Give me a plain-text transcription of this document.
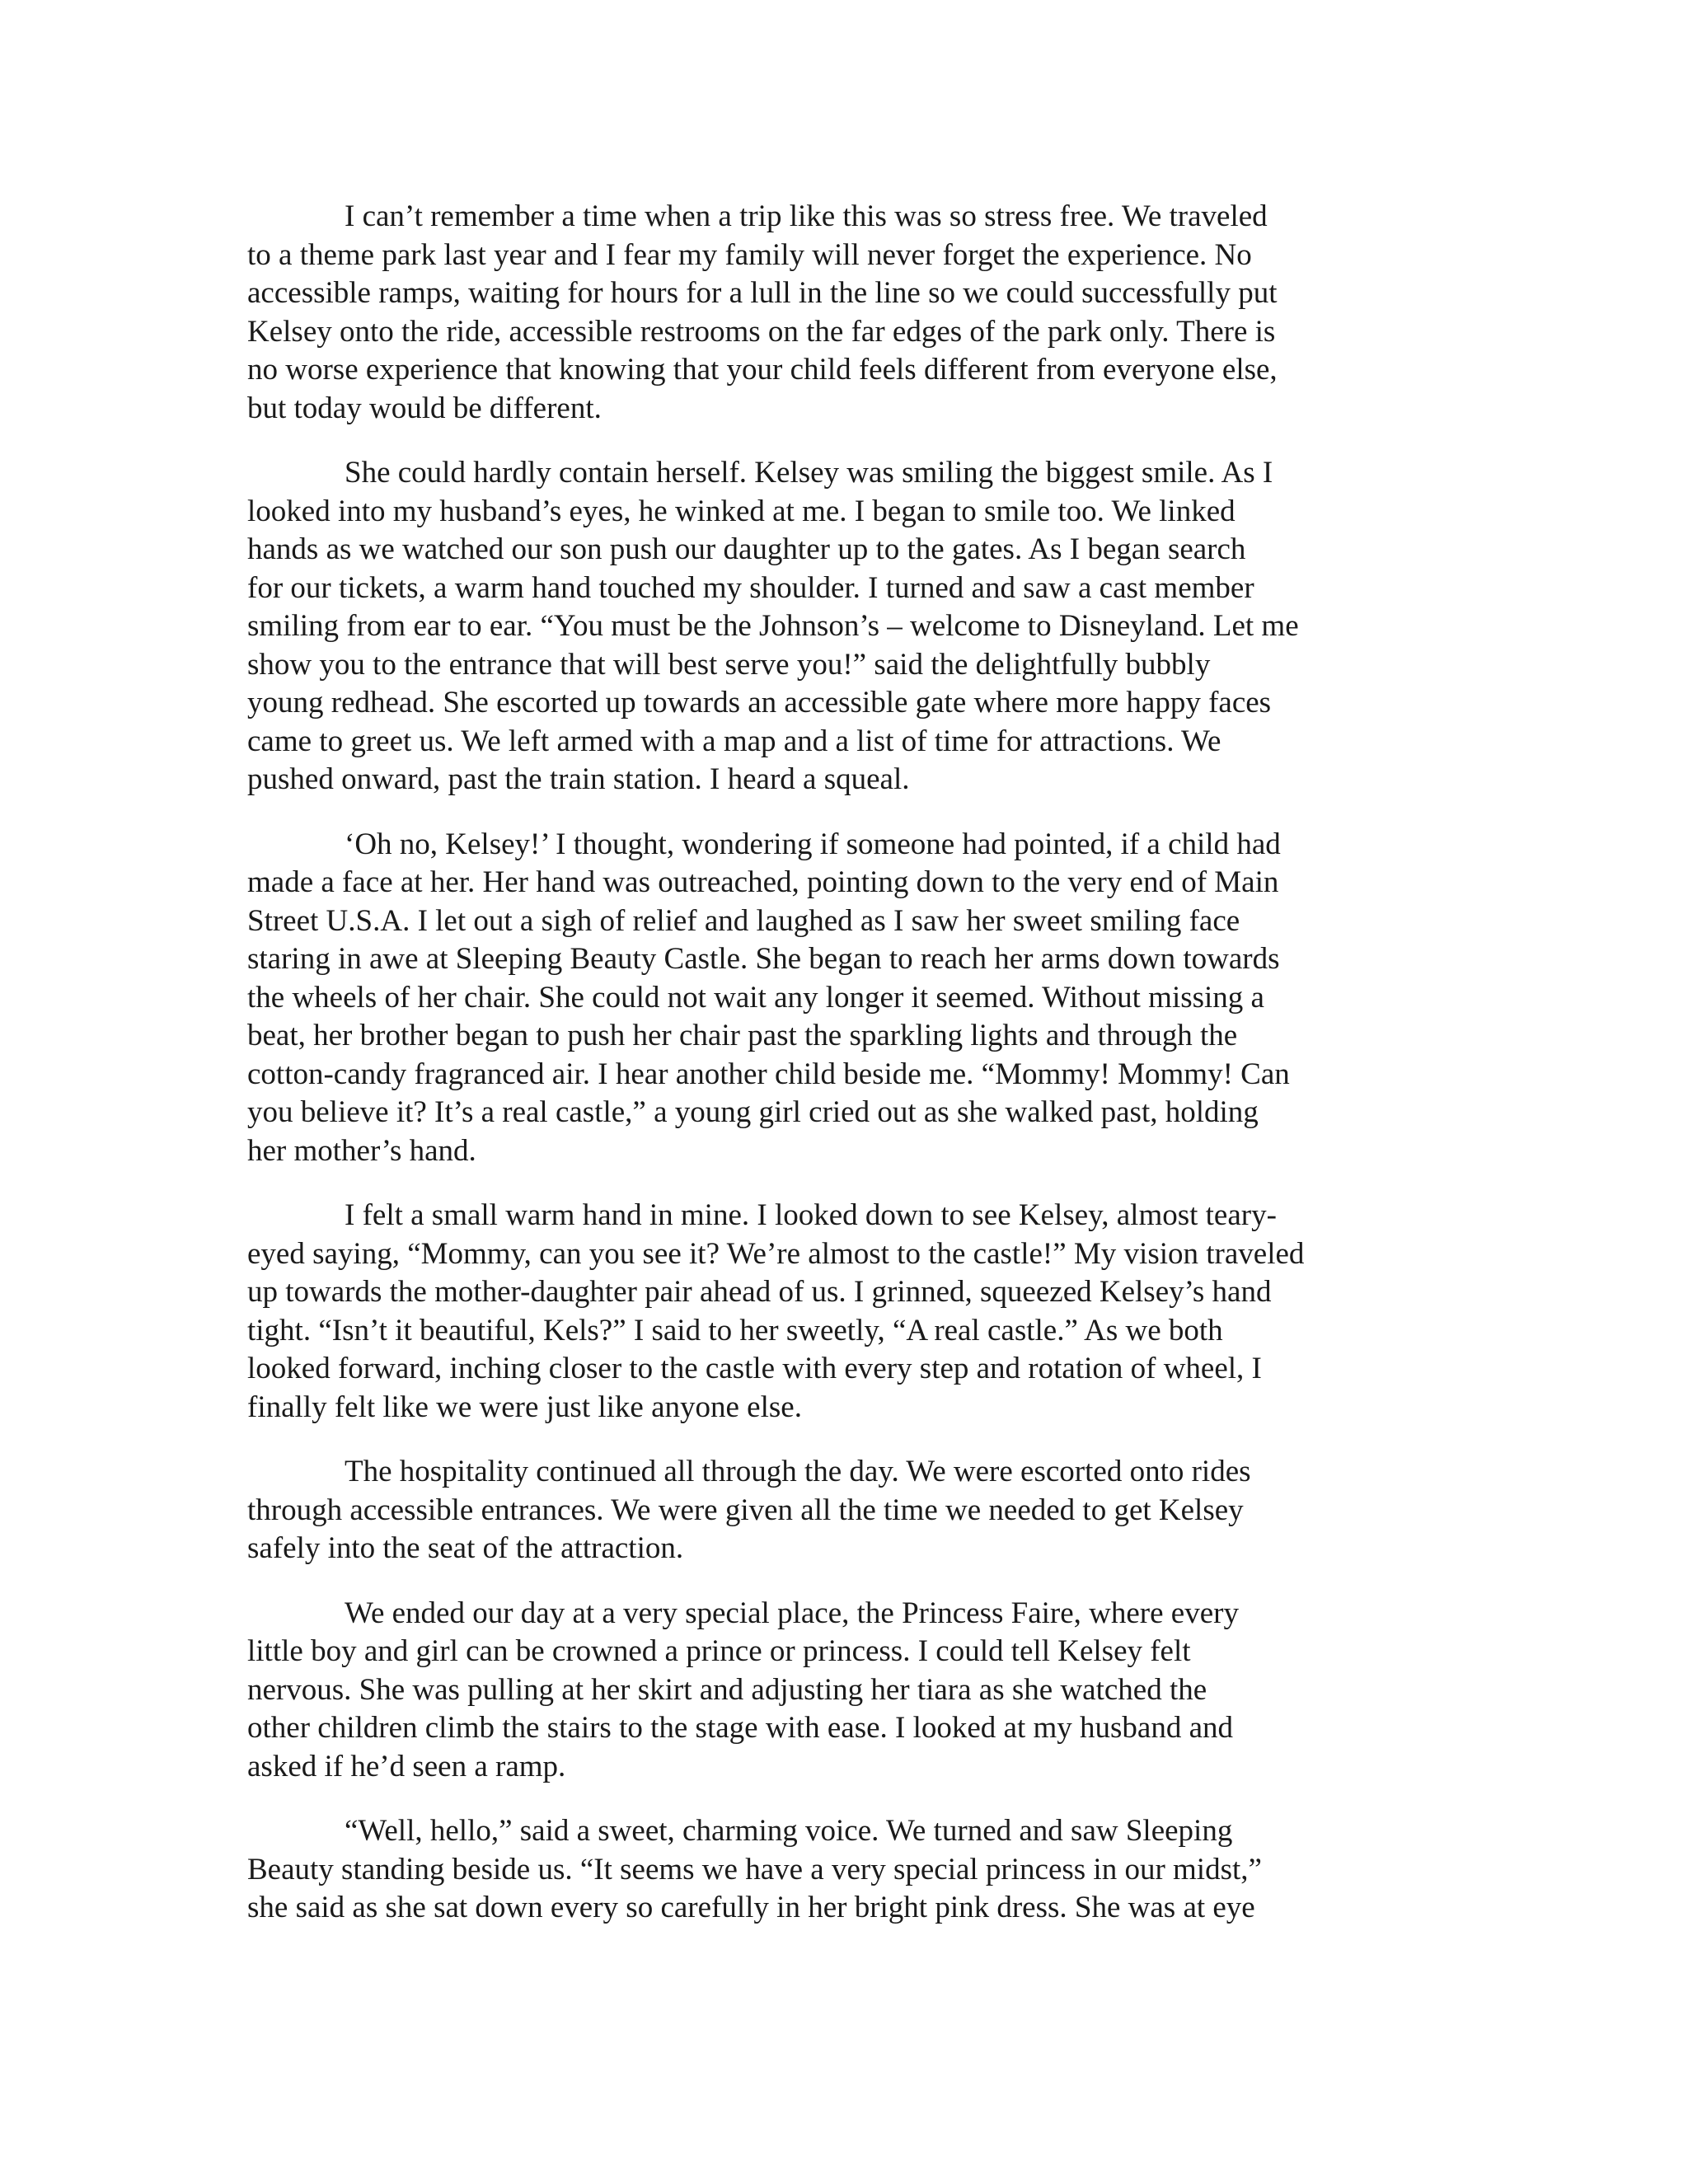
I can’t remember a time when a trip like this was so stress free. We traveled
to a theme park last year and I fear my family will never forget the experience. No
accessible ramps, waiting for hours for a lull in the line so we could successfully put
Kelsey onto the ride, accessible restrooms on the far edges of the park only. There is
no worse experience that knowing that your child feels different from everyone else,
but today would be different.

She could hardly contain herself. Kelsey was smiling the biggest smile. As I
looked into my husband’s eyes, he winked at me. I began to smile too. We linked
hands as we watched our son push our daughter up to the gates. As I began search
for our tickets, a warm hand touched my shoulder. I turned and saw a cast member
smiling from ear to ear. “You must be the Johnson’s – welcome to Disneyland. Let me
show you to the entrance that will best serve you!” said the delightfully bubbly
young redhead. She escorted up towards an accessible gate where more happy faces
came to greet us. We left armed with a map and a list of time for attractions. We
pushed onward, past the train station. I heard a squeal.

‘Oh no, Kelsey!’ I thought, wondering if someone had pointed, if a child had
made a face at her. Her hand was outreached, pointing down to the very end of Main
Street U.S.A. I let out a sigh of relief and laughed as I saw her sweet smiling face
staring in awe at Sleeping Beauty Castle. She began to reach her arms down towards
the wheels of her chair. She could not wait any longer it seemed. Without missing a
beat, her brother began to push her chair past the sparkling lights and through the
cotton-candy fragranced air. I hear another child beside me. “Mommy! Mommy! Can
you believe it? It’s a real castle,” a young girl cried out as she walked past, holding
her mother’s hand.

I felt a small warm hand in mine. I looked down to see Kelsey, almost teary-
eyed saying, “Mommy, can you see it? We’re almost to the castle!” My vision traveled
up towards the mother-daughter pair ahead of us. I grinned, squeezed Kelsey’s hand
tight. “Isn’t it beautiful, Kels?” I said to her sweetly, “A real castle.” As we both
looked forward, inching closer to the castle with every step and rotation of wheel, I
finally felt like we were just like anyone else.

The hospitality continued all through the day. We were escorted onto rides
through accessible entrances. We were given all the time we needed to get Kelsey
safely into the seat of the attraction.

We ended our day at a very special place, the Princess Faire, where every
little boy and girl can be crowned a prince or princess. I could tell Kelsey felt
nervous. She was pulling at her skirt and adjusting her tiara as she watched the
other children climb the stairs to the stage with ease. I looked at my husband and
asked if he’d seen a ramp.

“Well, hello,” said a sweet, charming voice. We turned and saw Sleeping
Beauty standing beside us. “It seems we have a very special princess in our midst,”
she said as she sat down every so carefully in her bright pink dress. She was at eye
